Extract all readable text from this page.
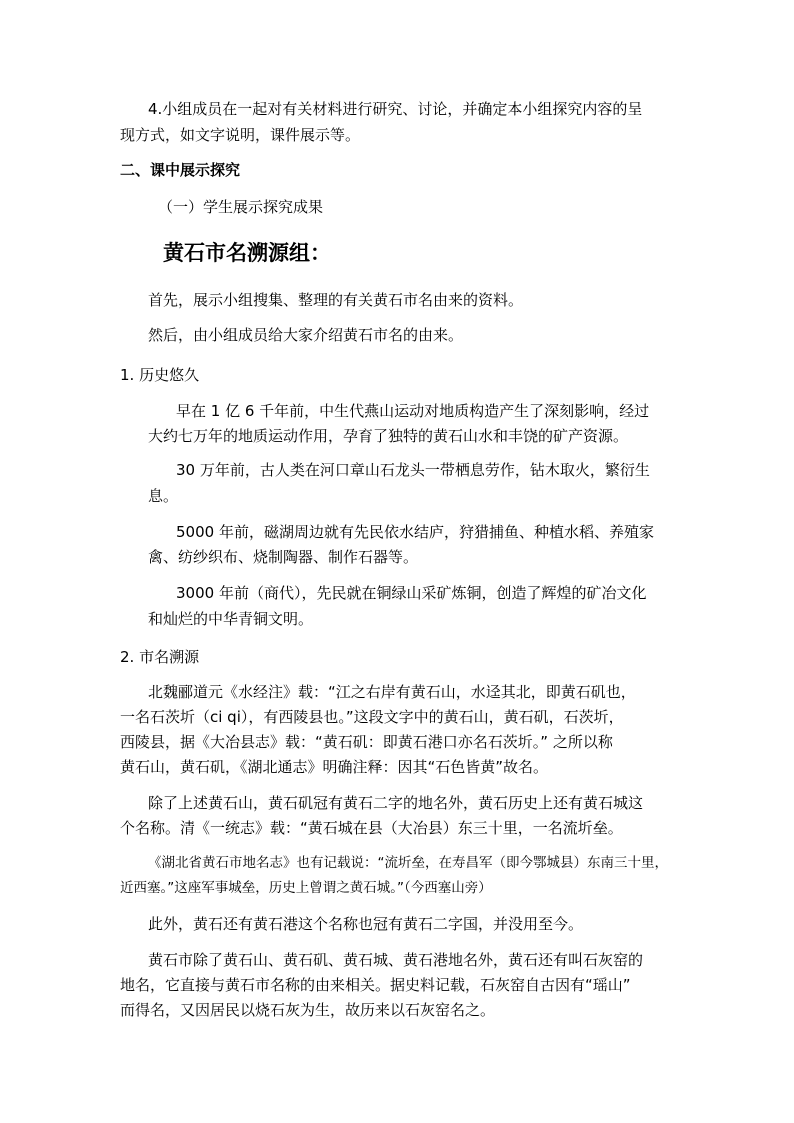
4.小组成员在一起对有关材料进行研究、讨论，并确定本小组探究内容的呈
现方式，如文字说明，课件展示等。
二、课中展示探究
（一）学生展示探究成果
黄石市名溯源组：
首先，展示小组搜集、整理的有关黄石市名由来的资料。
然后，由小组成员给大家介绍黄石市名的由来。
1. 历史悠久
早在 1 亿 6 千年前，中生代燕山运动对地质构造产生了深刻影响，经过
大约七万年的地质运动作用，孕育了独特的黄石山水和丰饶的矿产资源。
30 万年前，古人类在河口章山石龙头一带栖息劳作，钻木取火，繁衍生
息。
5000 年前，磁湖周边就有先民依水结庐，狩猎捕鱼、种植水稻、养殖家
禽、纺纱织布、烧制陶器、制作石器等。
3000 年前（商代），先民就在铜绿山采矿炼铜，创造了辉煌的矿冶文化
和灿烂的中华青铜文明。
2. 市名溯源
北魏郦道元《水经注》载：“江之右岸有黄石山，水迳其北，即黄石矶也，
一名石茨圻（ci qi），有西陵县也。”这段文字中的黄石山，黄石矶，石茨圻，
西陵县，据《大冶县志》载：“黄石矶：即黄石港口亦名石茨圻。” 之所以称
黄石山，黄石矶，《湖北通志》明确注释：因其“石色皆黄”故名。
除了上述黄石山，黄石矶冠有黄石二字的地名外，黄石历史上还有黄石城这
个名称。清《一统志》载：“黄石城在县（大冶县）东三十里，一名流圻垒。
《湖北省黄石市地名志》也有记载说：“流圻垒，在寿昌军（即今鄂城县）东南三十里，
近西塞。”这座军事城垒，历史上曾谓之黄石城。”（今西塞山旁）
此外，黄石还有黄石港这个名称也冠有黄石二字国，并没用至今。
黄石市除了黄石山、黄石矶、黄石城、黄石港地名外，黄石还有叫石灰窑的
地名，它直接与黄石市名称的由来相关。据史料记载，石灰窑自古因有“瑶山”
而得名，又因居民以烧石灰为生，故历来以石灰窑名之。
